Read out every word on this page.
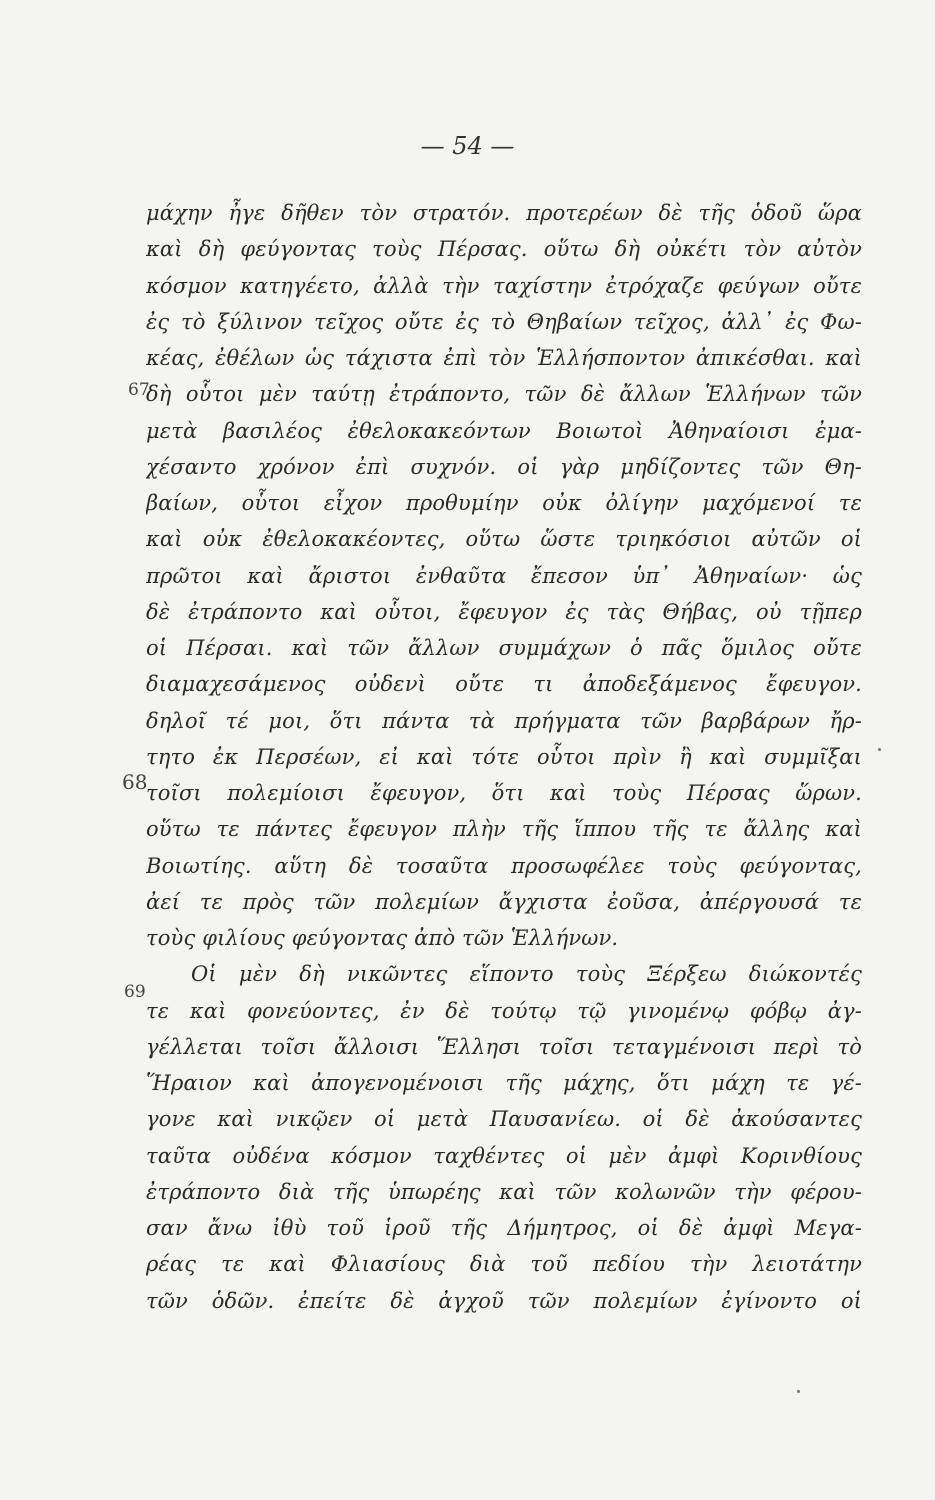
— 54 —
67
68
69
μάχην ἦγε δῆθεν τὸν στρατόν. προτερέων δὲ τῆς ὁδοῦ ὥρα
καὶ δὴ φεύγοντας τοὺς Πέρσας. οὕτω δὴ οὐκέτι τὸν αὐτὸν
κόσμον κατηγέετο, ἀλλὰ τὴν ταχίστην ἐτρόχαζε φεύγων οὔτε
ἐς τὸ ξύλινον τεῖχος οὔτε ἐς τὸ Θηβαίων τεῖχος, ἀλλ᾽ ἐς Φω-
κέας, ἐθέλων ὡς τάχιστα ἐπὶ τὸν Ἑλλήσποντον ἀπικέσθαι. καὶ
δὴ οὗτοι μὲν ταύτῃ ἐτράποντο, τῶν δὲ ἄλλων Ἑλλήνων τῶν
μετὰ βασιλέος ἐθελοκακεόντων Βοιωτοὶ Ἀθηναίοισι ἐμα-
χέσαντο χρόνον ἐπὶ συχνόν. οἱ γὰρ μηδίζοντες τῶν Θη-
βαίων, οὗτοι εἶχον προθυμίην οὐκ ὀλίγην μαχόμενοί τε
καὶ οὐκ ἐθελοκακέοντες, οὕτω ὥστε τριηκόσιοι αὐτῶν οἱ
πρῶτοι καὶ ἄριστοι ἐνθαῦτα ἔπεσον ὑπ᾽ Ἀθηναίων· ὡς
δὲ ἐτράποντο καὶ οὗτοι, ἔφευγον ἐς τὰς Θήβας, οὐ τῇπερ
οἱ Πέρσαι. καὶ τῶν ἄλλων συμμάχων ὁ πᾶς ὅμιλος οὔτε
διαμαχεσάμενος οὐδενὶ οὔτε τι ἀποδεξάμενος ἔφευγον.
δηλοῖ τέ μοι, ὅτι πάντα τὰ πρήγματα τῶν βαρβάρων ἤρ-
τητο ἐκ Περσέων, εἰ καὶ τότε οὗτοι πρὶν ἢ καὶ συμμῖξαι
τοῖσι πολεμίοισι ἔφευγον, ὅτι καὶ τοὺς Πέρσας ὥρων.
οὕτω τε πάντες ἔφευγον πλὴν τῆς ἵππου τῆς τε ἄλλης καὶ
Βοιωτίης. αὕτη δὲ τοσαῦτα προσωφέλεε τοὺς φεύγοντας,
ἀεί τε πρὸς τῶν πολεμίων ἄγχιστα ἐοῦσα, ἀπέργουσά τε
τοὺς φιλίους φεύγοντας ἀπὸ τῶν Ἑλλήνων.
Οἱ μὲν δὴ νικῶντες εἵποντο τοὺς Ξέρξεω διώκοντές
τε καὶ φονεύοντες, ἐν δὲ τούτῳ τῷ γινομένῳ φόβῳ ἀγ-
γέλλεται τοῖσι ἄλλοισι Ἕλλησι τοῖσι τεταγμένοισι περὶ τὸ
Ἥραιον καὶ ἀπογενομένοισι τῆς μάχης, ὅτι μάχη τε γέ-
γονε καὶ νικῷεν οἱ μετὰ Παυσανίεω. οἱ δὲ ἀκούσαντες
ταῦτα οὐδένα κόσμον ταχθέντες οἱ μὲν ἀμφὶ Κορινθίους
ἐτράποντο διὰ τῆς ὑπωρέης καὶ τῶν κολωνῶν τὴν φέρου-
σαν ἄνω ἰθὺ τοῦ ἱροῦ τῆς Δήμητρος, οἱ δὲ ἀμφὶ Μεγα-
ρέας τε καὶ Φλιασίους διὰ τοῦ πεδίου τὴν λειοτάτην
τῶν ὁδῶν. ἐπείτε δὲ ἀγχοῦ τῶν πολεμίων ἐγίνοντο οἱ
